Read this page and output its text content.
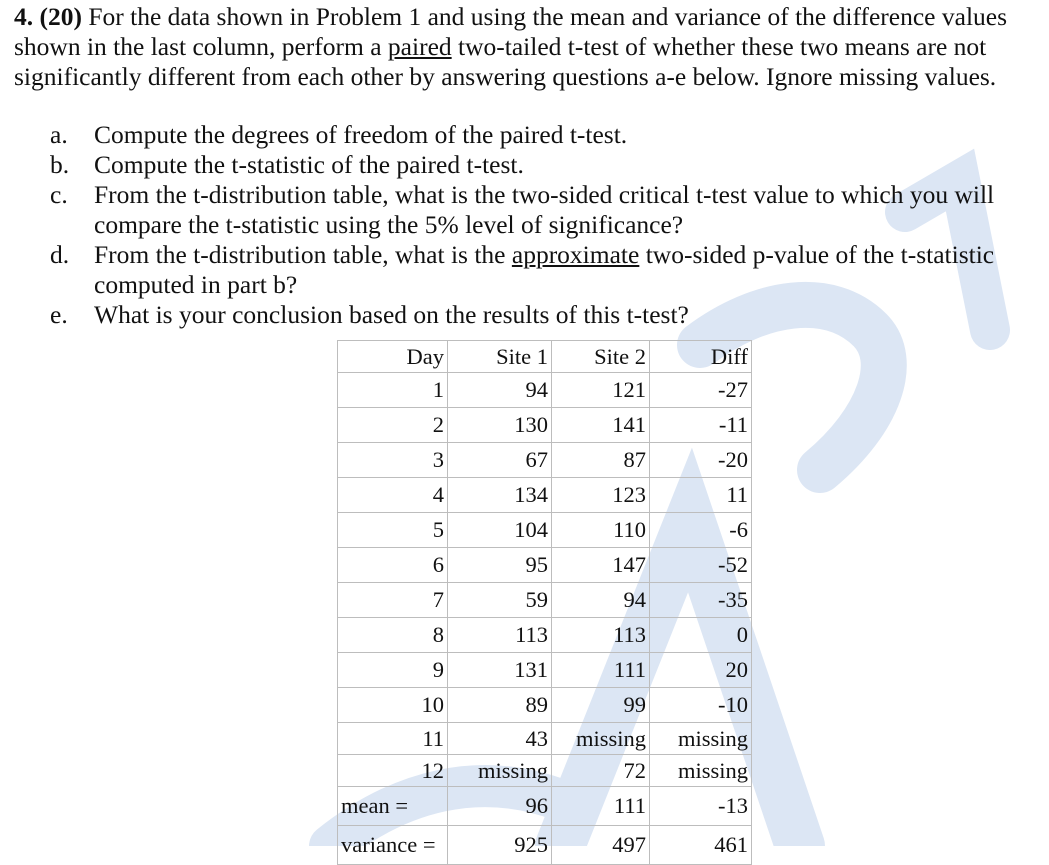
4. (20) For the data shown in Problem 1 and using the mean and variance of the difference values shown in the last column, perform a paired two-tailed t-test of whether these two means are not significantly different from each other by answering questions a-e below. Ignore missing values.

a.	Compute the degrees of freedom of the paired t-test.
b. Compute the t-statistic of the paired t-test.
c.	From the t-distribution table, what is the two-sided critical t-test value to which you will compare the t-statistic using the 5% level of significance?
d. From the t-distribution table, what is the approximate two-sided p-value of the t-statistic computed in part b?
e.	What is your conclusion based on the results of this t-test?
Day	Site 1	Site 2	Diff
1	94	121	-27
2	130	141	-11
3	67	87	-20
4	134	123	11
5	104	110	-6
6	95	147	-52
7	59	94	-35
8	113	113	0
9	131	111	20
10	89	99	-10
11	43	missing	missing
12	missing	72	missing
mean =	96	111	-13
variance =	925	497	461
